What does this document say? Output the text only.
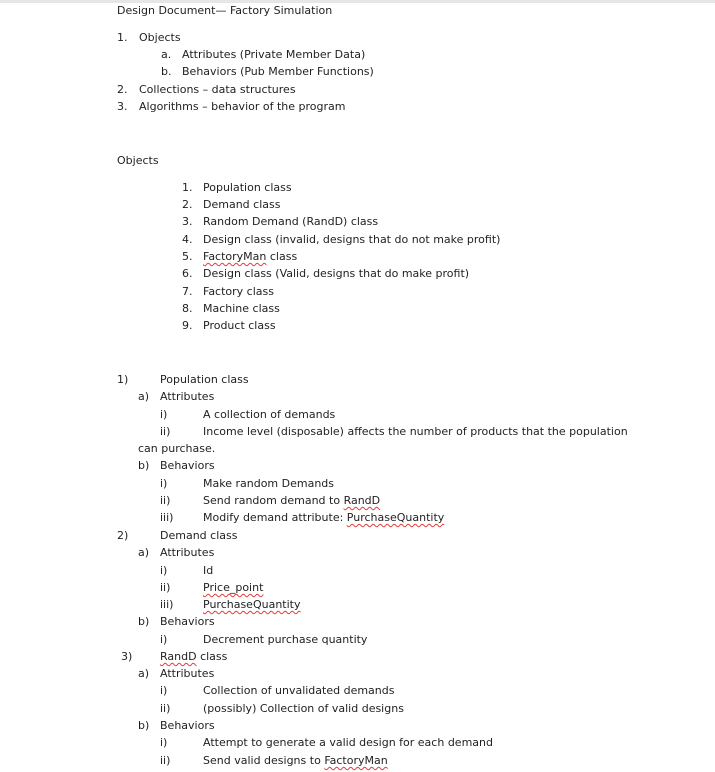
Design Document— Factory Simulation
1. Objects
a. Attributes (Private Member Data)
b. Behaviors (Pub Member Functions)
2. Collections – data structures
3. Algorithms – behavior of the program
Objects
1. Population class
2. Demand class
3. Random Demand (RandD) class
4. Design class (invalid, designs that do not make profit)
5. FactoryMan class
6. Design class (Valid, designs that do make profit)
7. Factory class
8. Machine class
9. Product class
1)	Population class
a) Attributes
i)	A collection of demands
ii)	Income level (disposable) affects the number of products that the population
can purchase.
b) Behaviors
i)	Make random Demands
ii)	Send random demand to RandD
iii)	Modify demand attribute: PurchaseQuantity
2)	Demand class
a) Attributes
i)	Id
ii)	Price_point
iii)	PurchaseQuantity
b) Behaviors
i)	Decrement purchase quantity
3)	RandD class
a) Attributes
i)	Collection of unvalidated demands
ii)	(possibly) Collection of valid designs
b) Behaviors
i)	Attempt to generate a valid design for each demand
ii)	Send valid designs to FactoryMan
